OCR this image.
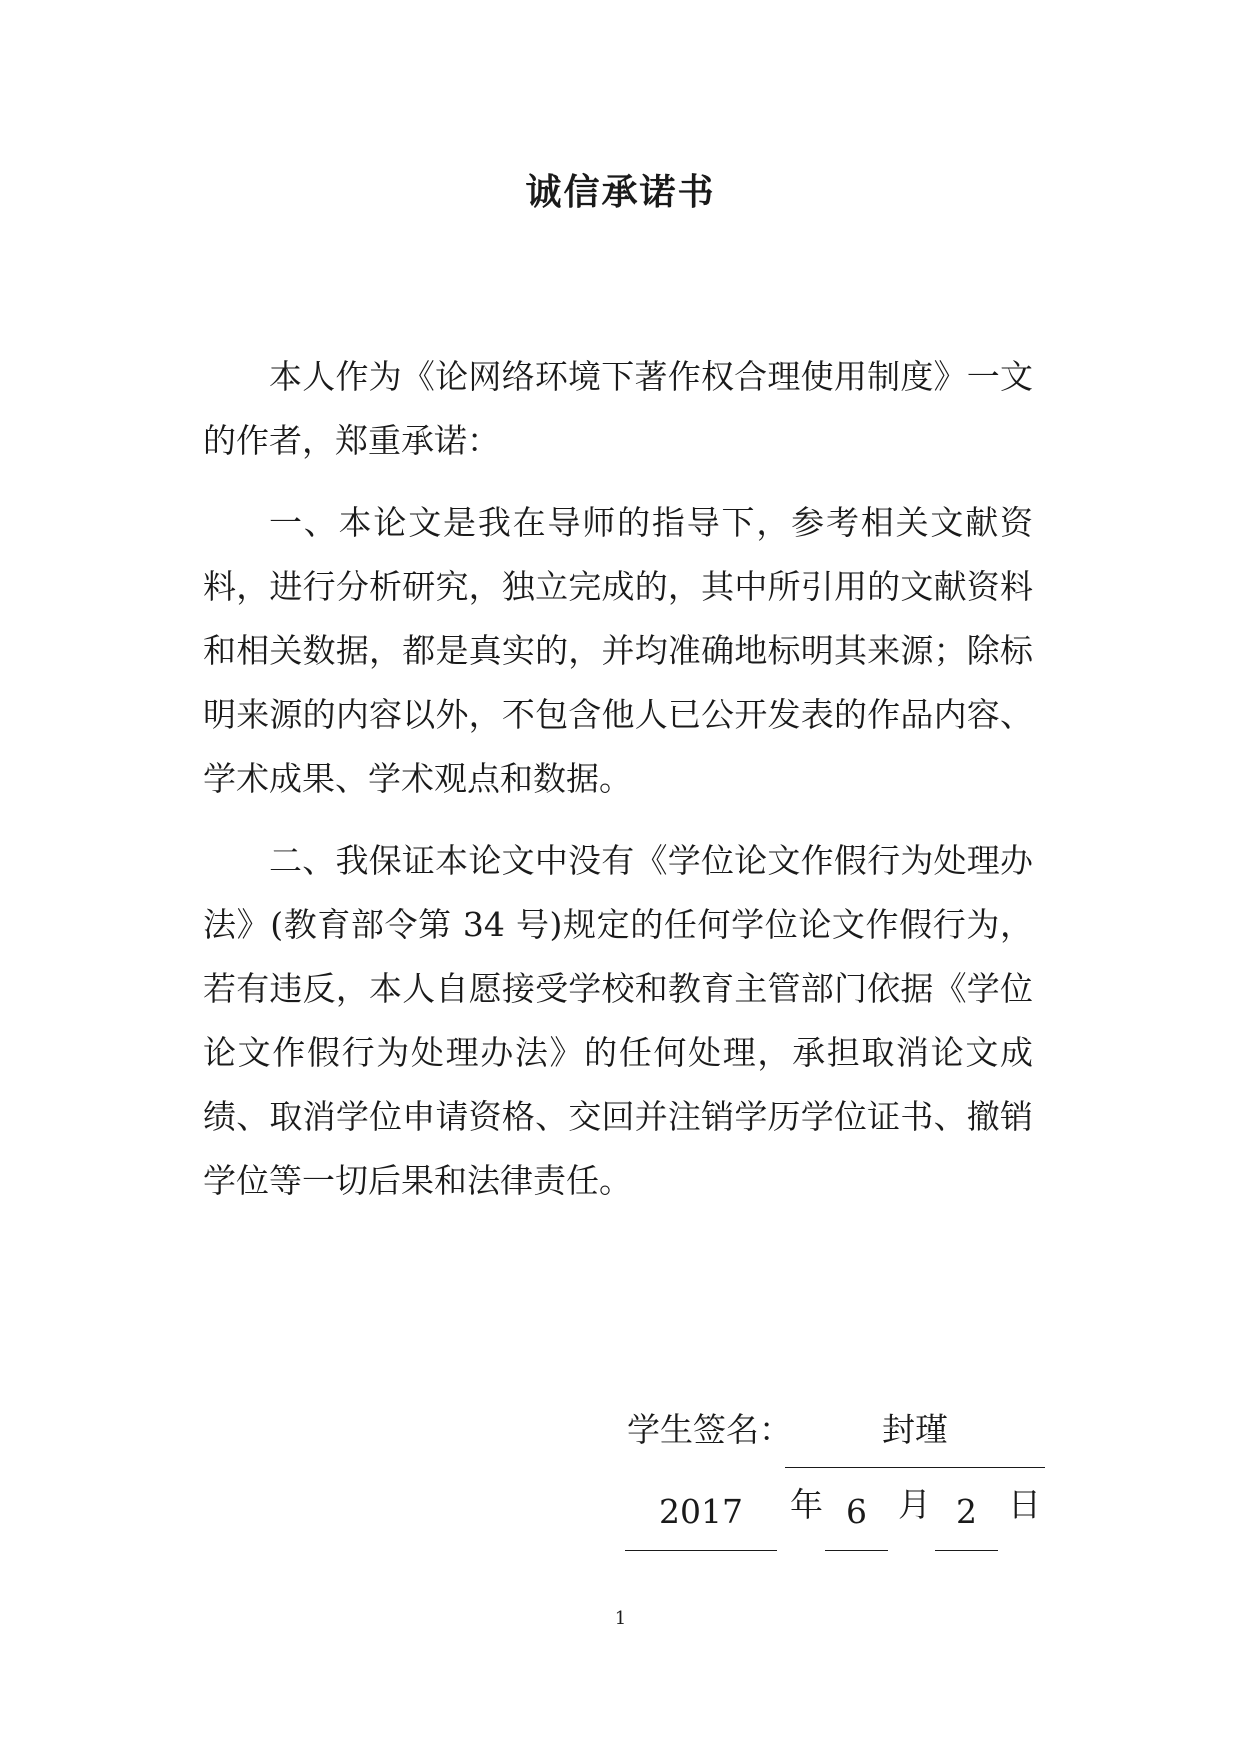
诚信承诺书

本人作为《论网络环境下著作权合理使用制度》一文的作者，郑重承诺：

一、本论文是我在导师的指导下，参考相关文献资料，进行分析研究，独立完成的，其中所引用的文献资料和相关数据，都是真实的，并均准确地标明其来源；除标明来源的内容以外，不包含他人已公开发表的作品内容、学术成果、学术观点和数据。

二、我保证本论文中没有《学位论文作假行为处理办法》(教育部令第 34 号)规定的任何学位论文作假行为，若有违反，本人自愿接受学校和教育主管部门依据《学位论文作假行为处理办法》的任何处理，承担取消论文成绩、取消学位申请资格、交回并注销学历学位证书、撤销学位等一切后果和法律责任。

学生签名：	封瑾
2017	年 6 月 2 日
1
